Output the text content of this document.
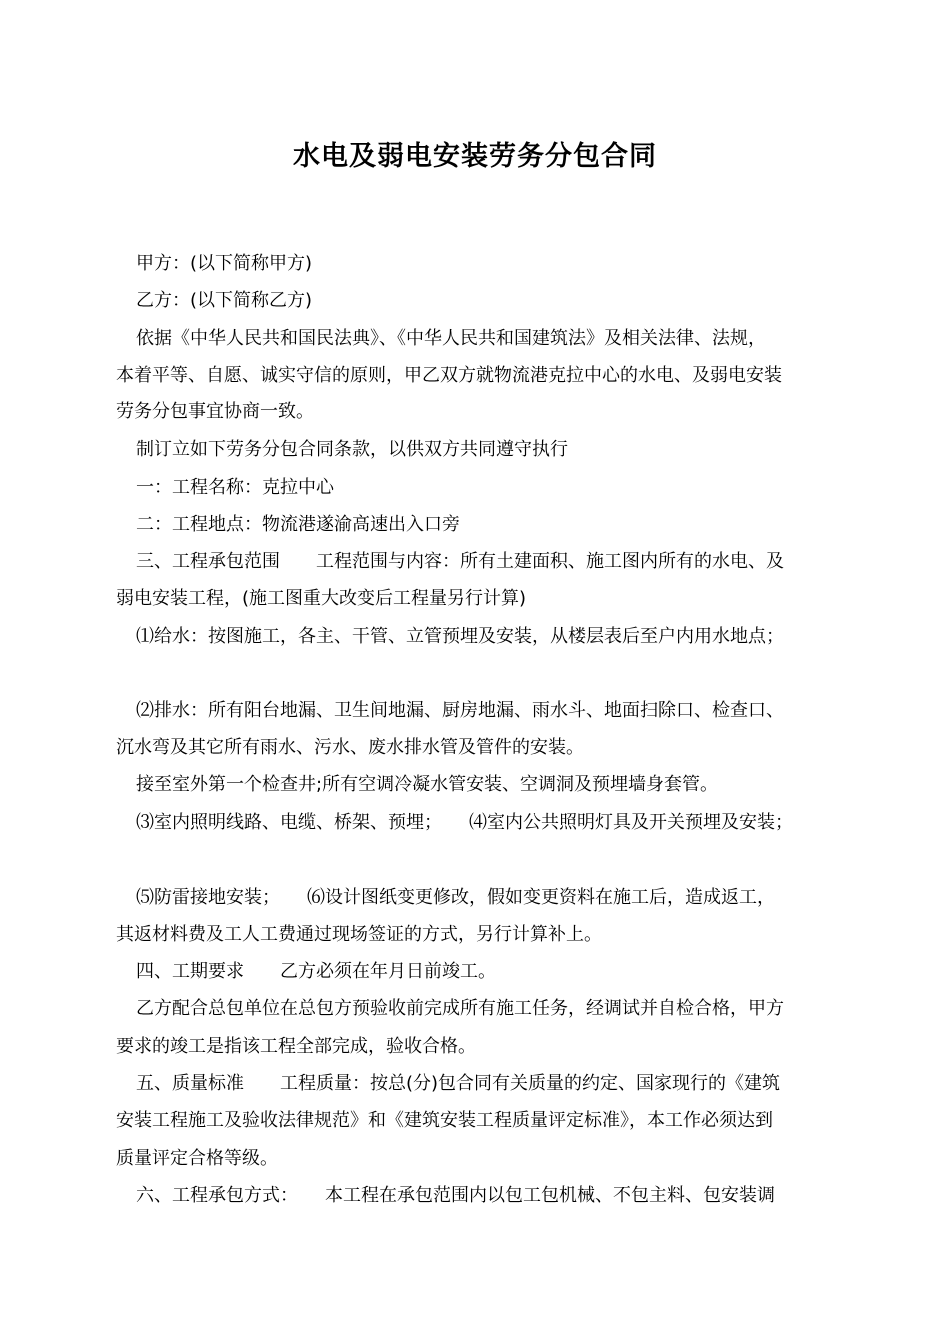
水电及弱电安装劳务分包合同
甲方：(以下简称甲方)
乙方：(以下简称乙方)
依据《中华人民共和国民法典》、《中华人民共和国建筑法》及相关法律、法规，
本着平等、自愿、诚实守信的原则，甲乙双方就物流港克拉中心的水电、及弱电安装
劳务分包事宜协商一致。
制订立如下劳务分包合同条款，以供双方共同遵守执行
一：工程名称：克拉中心
二：工程地点：物流港遂渝高速出入口旁
三、工程承包范围　　工程范围与内容：所有土建面积、施工图内所有的水电、及
弱电安装工程，(施工图重大改变后工程量另行计算)
⑴给水：按图施工，各主、干管、立管预埋及安装，从楼层表后至户内用水地点；
⑵排水：所有阳台地漏、卫生间地漏、厨房地漏、雨水斗、地面扫除口、检查口、
沉水弯及其它所有雨水、污水、废水排水管及管件的安装。
接至室外第一个检查井;所有空调冷凝水管安装、空调洞及预埋墙身套管。
⑶室内照明线路、电缆、桥架、预埋；　　⑷室内公共照明灯具及开关预埋及安装；
⑸防雷接地安装；　　⑹设计图纸变更修改，假如变更资料在施工后，造成返工，
其返材料费及工人工费通过现场签证的方式，另行计算补上。
四、工期要求　　乙方必须在年月日前竣工。
乙方配合总包单位在总包方预验收前完成所有施工任务，经调试并自检合格，甲方
要求的竣工是指该工程全部完成，验收合格。
五、质量标准　　工程质量：按总(分)包合同有关质量的约定、国家现行的《建筑
安装工程施工及验收法律规范》和《建筑安装工程质量评定标准》，本工作必须达到
质量评定合格等级。
六、工程承包方式：　　本工程在承包范围内以包工包机械、不包主料、包安装调
